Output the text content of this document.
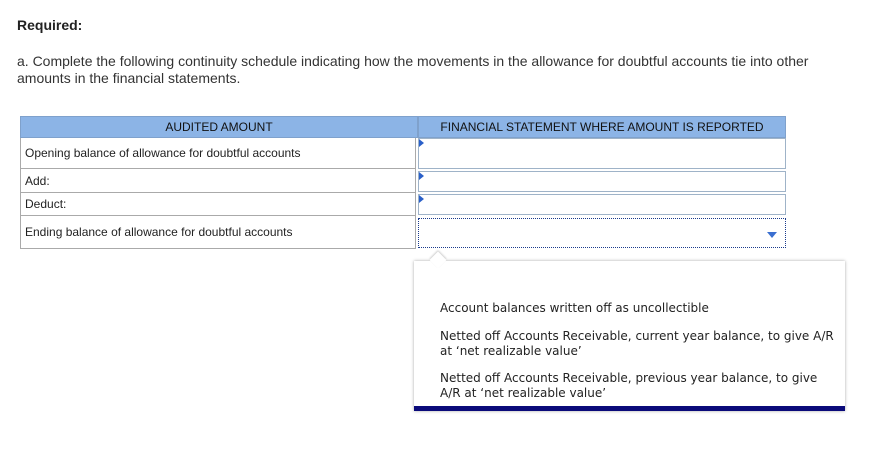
Required:
a. Complete the following continuity schedule indicating how the movements in the allowance for doubtful accounts tie into other amounts in the financial statements.
AUDITED AMOUNT	FINANCIAL STATEMENT WHERE AMOUNT IS REPORTED
Opening balance of allowance for doubtful accounts
Add:
Deduct:
Ending balance of allowance for doubtful accounts
Account balances written off as uncollectible
Netted off Accounts Receivable, current year balance, to give A/R at ‘net realizable value’
Netted off Accounts Receivable, previous year balance, to give A/R at ‘net realizable value’
